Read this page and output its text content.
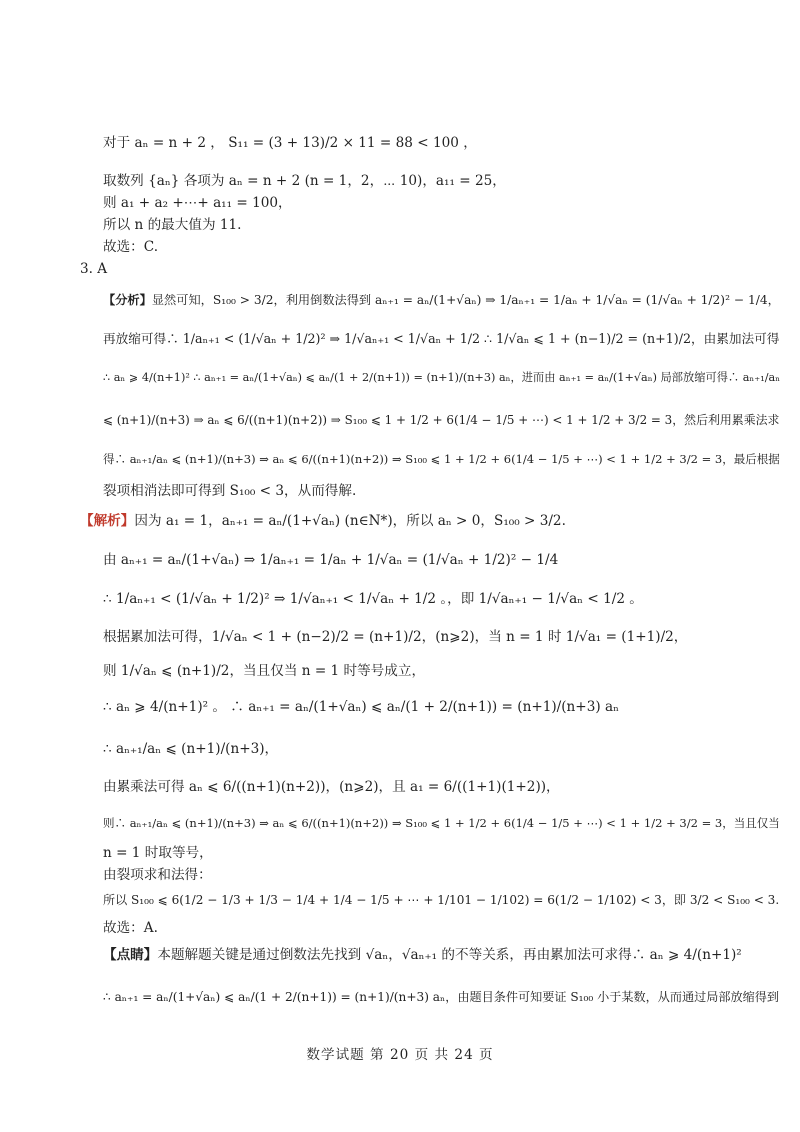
对于 aₙ = n + 2 ， S₁₁ = (3 + 13)/2 × 11 = 88 < 100 ，
取数列 {aₙ} 各项为 aₙ = n + 2 (n = 1，2，⋯ 10)，a₁₁ = 25，
则 a₁ + a₂ +⋯+ a₁₁ = 100，
所以 n 的最大值为 11.
故选：C.
3. A
【分析】显然可知，S₁₀₀ > 3/2，利用倒数法得到 aₙ₊₁ = aₙ/(1+√aₙ) ⇒ 1/aₙ₊₁ = 1/aₙ + 1/√aₙ = (1/√aₙ + 1/2)² − 1/4，
再放缩可得∴ 1/aₙ₊₁ < (1/√aₙ + 1/2)² ⇒ 1/√aₙ₊₁ < 1/√aₙ + 1/2 ∴ 1/√aₙ ⩽ 1 + (n−1)/2 = (n+1)/2，由累加法可得
∴ aₙ ⩾ 4/(n+1)² ∴ aₙ₊₁ = aₙ/(1+√aₙ) ⩽ aₙ/(1 + 2/(n+1)) = (n+1)/(n+3) aₙ，进而由 aₙ₊₁ = aₙ/(1+√aₙ) 局部放缩可得∴ aₙ₊₁/aₙ
⩽ (n+1)/(n+3) ⇒ aₙ ⩽ 6/((n+1)(n+2)) ⇒ S₁₀₀ ⩽ 1 + 1/2 + 6(1/4 − 1/5 + ⋯) < 1 + 1/2 + 3/2 = 3，然后利用累乘法求
得∴ aₙ₊₁/aₙ ⩽ (n+1)/(n+3) ⇒ aₙ ⩽ 6/((n+1)(n+2)) ⇒ S₁₀₀ ⩽ 1 + 1/2 + 6(1/4 − 1/5 + ⋯) < 1 + 1/2 + 3/2 = 3，最后根据
裂项相消法即可得到 S₁₀₀ < 3，从而得解.
【解析】因为 a₁ = 1，aₙ₊₁ = aₙ/(1+√aₙ) (n∈N*)，所以 aₙ > 0，S₁₀₀ > 3/2.
由 aₙ₊₁ = aₙ/(1+√aₙ) ⇒ 1/aₙ₊₁ = 1/aₙ + 1/√aₙ = (1/√aₙ + 1/2)² − 1/4
∴ 1/aₙ₊₁ < (1/√aₙ + 1/2)² ⇒ 1/√aₙ₊₁ < 1/√aₙ + 1/2 。，即 1/√aₙ₊₁ − 1/√aₙ < 1/2 。
根据累加法可得，1/√aₙ < 1 + (n−2)/2 = (n+1)/2，(n⩾2)，当 n = 1 时 1/√a₁ = (1+1)/2，
则 1/√aₙ ⩽ (n+1)/2，当且仅当 n = 1 时等号成立，
∴ aₙ ⩾ 4/(n+1)² 。 ∴ aₙ₊₁ = aₙ/(1+√aₙ) ⩽ aₙ/(1 + 2/(n+1)) = (n+1)/(n+3) aₙ
∴ aₙ₊₁/aₙ ⩽ (n+1)/(n+3)，
由累乘法可得 aₙ ⩽ 6/((n+1)(n+2))，(n⩾2)，且 a₁ = 6/((1+1)(1+2))，
则∴ aₙ₊₁/aₙ ⩽ (n+1)/(n+3) ⇒ aₙ ⩽ 6/((n+1)(n+2)) ⇒ S₁₀₀ ⩽ 1 + 1/2 + 6(1/4 − 1/5 + ⋯) < 1 + 1/2 + 3/2 = 3，当且仅当
n = 1 时取等号，
由裂项求和法得：
所以 S₁₀₀ ⩽ 6(1/2 − 1/3 + 1/3 − 1/4 + 1/4 − 1/5 + ⋯ + 1/101 − 1/102) = 6(1/2 − 1/102) < 3，即 3/2 < S₁₀₀ < 3.
故选：A.
【点睛】本题解题关键是通过倒数法先找到 √aₙ，√aₙ₊₁ 的不等关系，再由累加法可求得∴ aₙ ⩾ 4/(n+1)²
∴ aₙ₊₁ = aₙ/(1+√aₙ) ⩽ aₙ/(1 + 2/(n+1)) = (n+1)/(n+3) aₙ，由题目条件可知要证 S₁₀₀ 小于某数，从而通过局部放缩得到
数学试题 第 20 页 共 24 页
